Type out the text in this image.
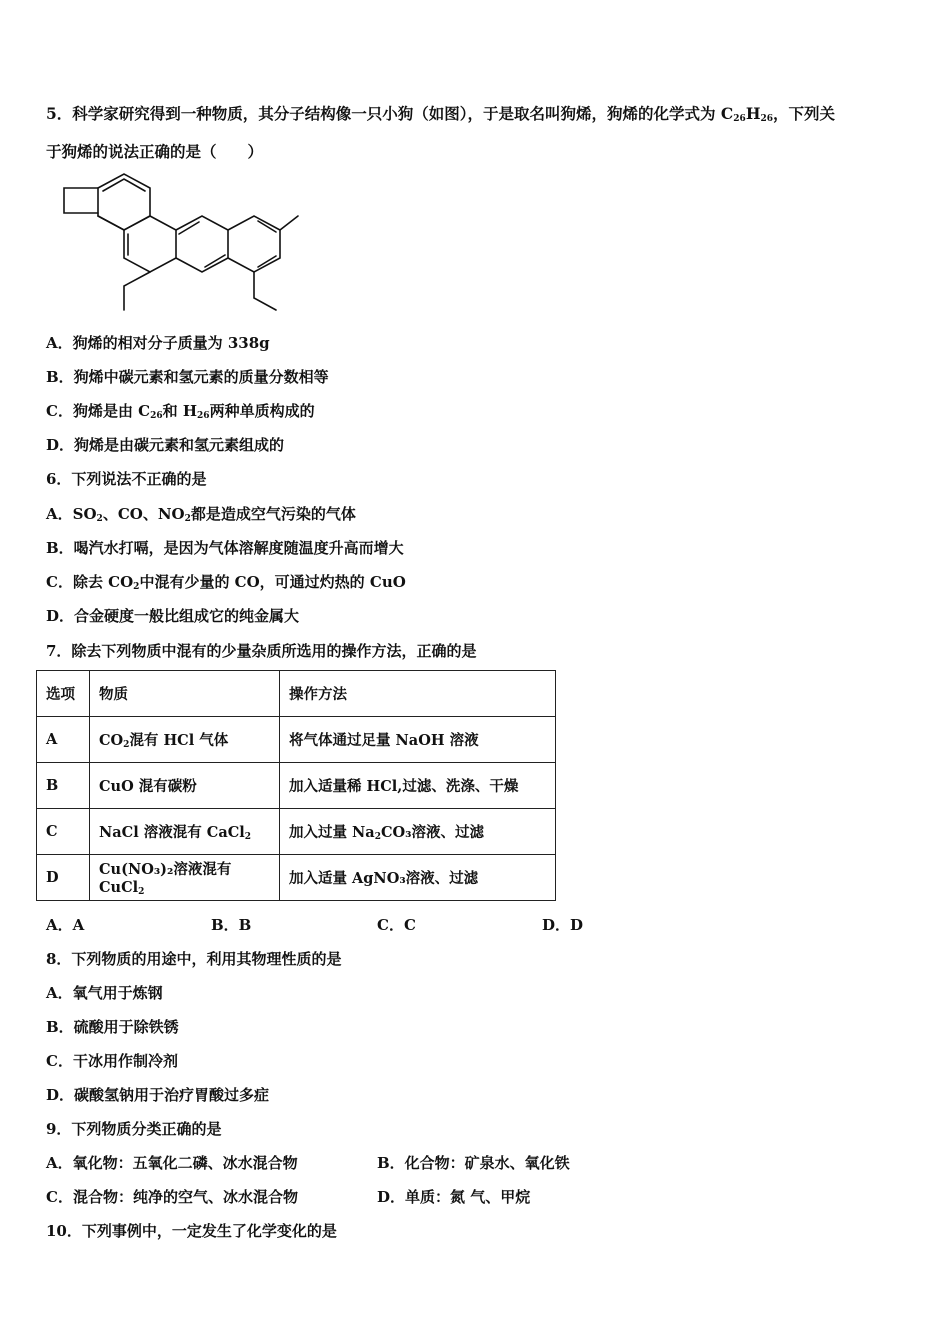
5．科学家研究得到一种物质，其分子结构像一只小狗（如图），于是取名叫狗烯，狗烯的化学式为 $C_{26}H_{26}$，下列关
于狗烯的说法正确的是（　　）
A．狗烯的相对分子质量为 338g
B．狗烯中碳元素和氢元素的质量分数相等
C．狗烯是由 $C_{26}$和 $H_{26}$两种单质构成的
D．狗烯是由碳元素和氢元素组成的
6．下列说法不正确的是
A．$SO_2$、CO、$NO_2$都是造成空气污染的气体
B．喝汽水打嗝，是因为气体溶解度随温度升高而增大
C．除去 $CO_2$中混有少量的 CO，可通过灼热的 CuO
D．合金硬度一般比组成它的纯金属大
7．除去下列物质中混有的少量杂质所选用的操作方法，正确的是
选项	物质	操作方法
A	$CO_2$混有 HCl 气体	将气体通过足量 NaOH 溶液
B	CuO 混有碳粉	加入适量稀 HCl,过滤、洗涤、干燥
C	NaCl 溶液混有 CaCl$_2$	加入过量 $Na_2CO_3$溶液、过滤
D	Cu(NO₃)₂溶液混有 CuCl$_2$	加入适量 AgNO₃溶液、过滤
A．A	B．B	C．C	D．D
8．下列物质的用途中，利用其物理性质的是
A．氧气用于炼钢
B．硫酸用于除铁锈
C．干冰用作制冷剂
D．碳酸氢钠用于治疗胃酸过多症
9．下列物质分类正确的是
A．氧化物：五氧化二磷、冰水混合物	B．化合物：矿泉水、氧化铁
C．混合物：纯净的空气、冰水混合物	D．单质：氮 气、甲烷
10．下列事例中，一定发生了化学变化的是
